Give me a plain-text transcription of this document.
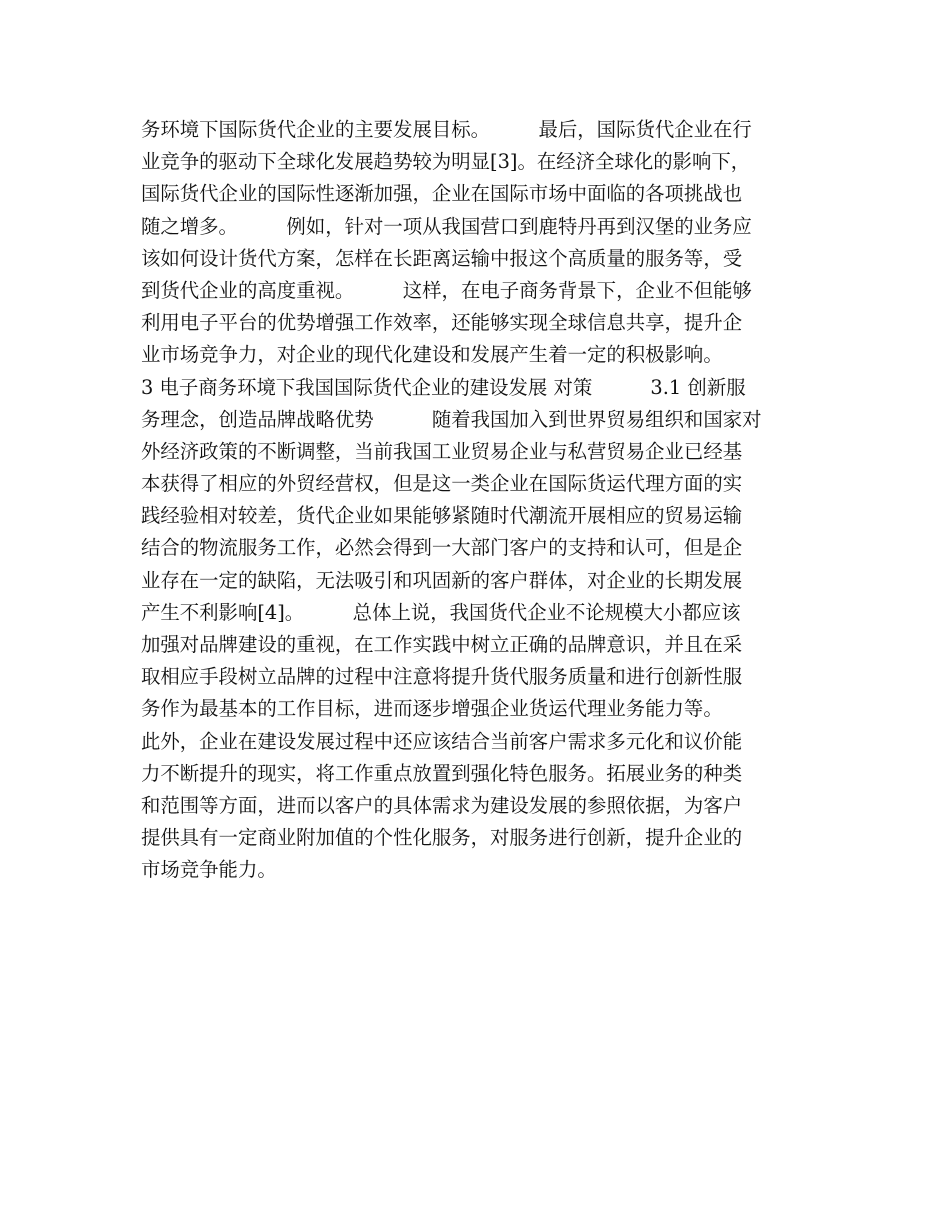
务环境下国际货代企业的主要发展目标。　　　最后，国际货代企业在行
业竞争的驱动下全球化发展趋势较为明显[3]。在经济全球化的影响下，
国际货代企业的国际性逐渐加强，企业在国际市场中面临的各项挑战也
随之增多。　　　例如，针对一项从我国营口到鹿特丹再到汉堡的业务应
该如何设计货代方案，怎样在长距离运输中报这个高质量的服务等，受
到货代企业的高度重视。　　　这样，在电子商务背景下，企业不但能够
利用电子平台的优势增强工作效率，还能够实现全球信息共享，提升企
业市场竞争力，对企业的现代化建设和发展产生着一定的积极影响。
3 电子商务环境下我国国际货代企业的建设发展 对策　　　3.1 创新服
务理念，创造品牌战略优势　　　随着我国加入到世界贸易组织和国家对
外经济政策的不断调整，当前我国工业贸易企业与私营贸易企业已经基
本获得了相应的外贸经营权，但是这一类企业在国际货运代理方面的实
践经验相对较差，货代企业如果能够紧随时代潮流开展相应的贸易运输
结合的物流服务工作，必然会得到一大部门客户的支持和认可，但是企
业存在一定的缺陷，无法吸引和巩固新的客户群体，对企业的长期发展
产生不利影响[4]。　　　总体上说，我国货代企业不论规模大小都应该
加强对品牌建设的重视，在工作实践中树立正确的品牌意识，并且在采
取相应手段树立品牌的过程中注意将提升货代服务质量和进行创新性服
务作为最基本的工作目标，进而逐步增强企业货运代理业务能力等。
此外，企业在建设发展过程中还应该结合当前客户需求多元化和议价能
力不断提升的现实，将工作重点放置到强化特色服务。拓展业务的种类
和范围等方面，进而以客户的具体需求为建设发展的参照依据，为客户
提供具有一定商业附加值的个性化服务，对服务进行创新，提升企业的
市场竞争能力。
